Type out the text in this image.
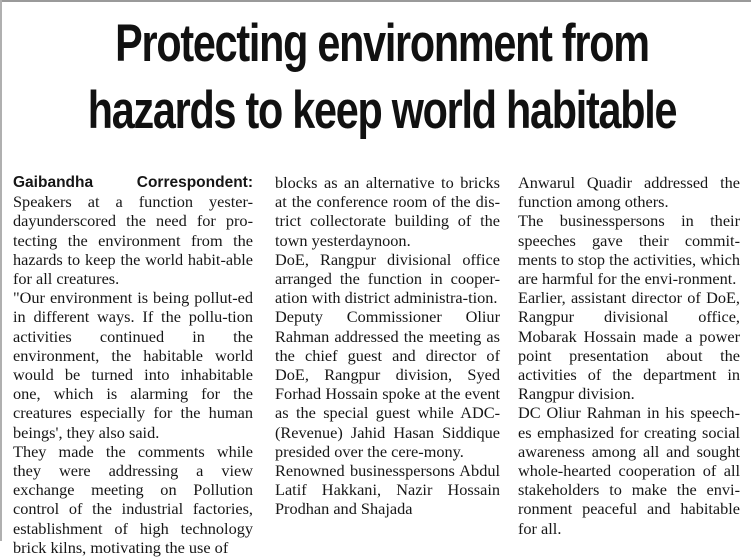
Protecting environment from
hazards to keep world habitable
Gaibandha Correspondent:

Speakers at a function yester-dayunderscored the need for pro-tecting the environment from the hazards to keep the world habit-able for all creatures.

"Our environment is being pollut-ed in different ways. If the pollu-tion activities continued in the environment, the habitable world would be turned into inhabitable one, which is alarming for the creatures especially for the human beings', they also said.

They made the comments while they were addressing a view exchange meeting on Pollution control of the industrial factories, establishment of high technology brick kilns, motivating the use of

blocks as an alternative to bricks at the conference room of the dis-trict collectorate building of the town yesterdaynoon.

DoE, Rangpur divisional office arranged the function in cooper-ation with district administra-tion.

Deputy Commissioner Oliur Rahman addressed the meeting as the chief guest and director of DoE, Rangpur division, Syed Forhad Hossain spoke at the event as the special guest while ADC-(Revenue) Jahid Hasan Siddique presided over the cere-mony.

Renowned businesspersons Abdul Latif Hakkani, Nazir Hossain Prodhan and Shajada

Anwarul Quadir addressed the function among others.

The businesspersons in their speeches gave their commit-ments to stop the activities, which are harmful for the envi-ronment.

Earlier, assistant director of DoE, Rangpur divisional office, Mobarak Hossain made a power point presentation about the activities of the department in Rangpur division.

DC Oliur Rahman in his speech-es emphasized for creating social awareness among all and sought whole-hearted cooperation of all stakeholders to make the envi-ronment peaceful and habitable for all.
